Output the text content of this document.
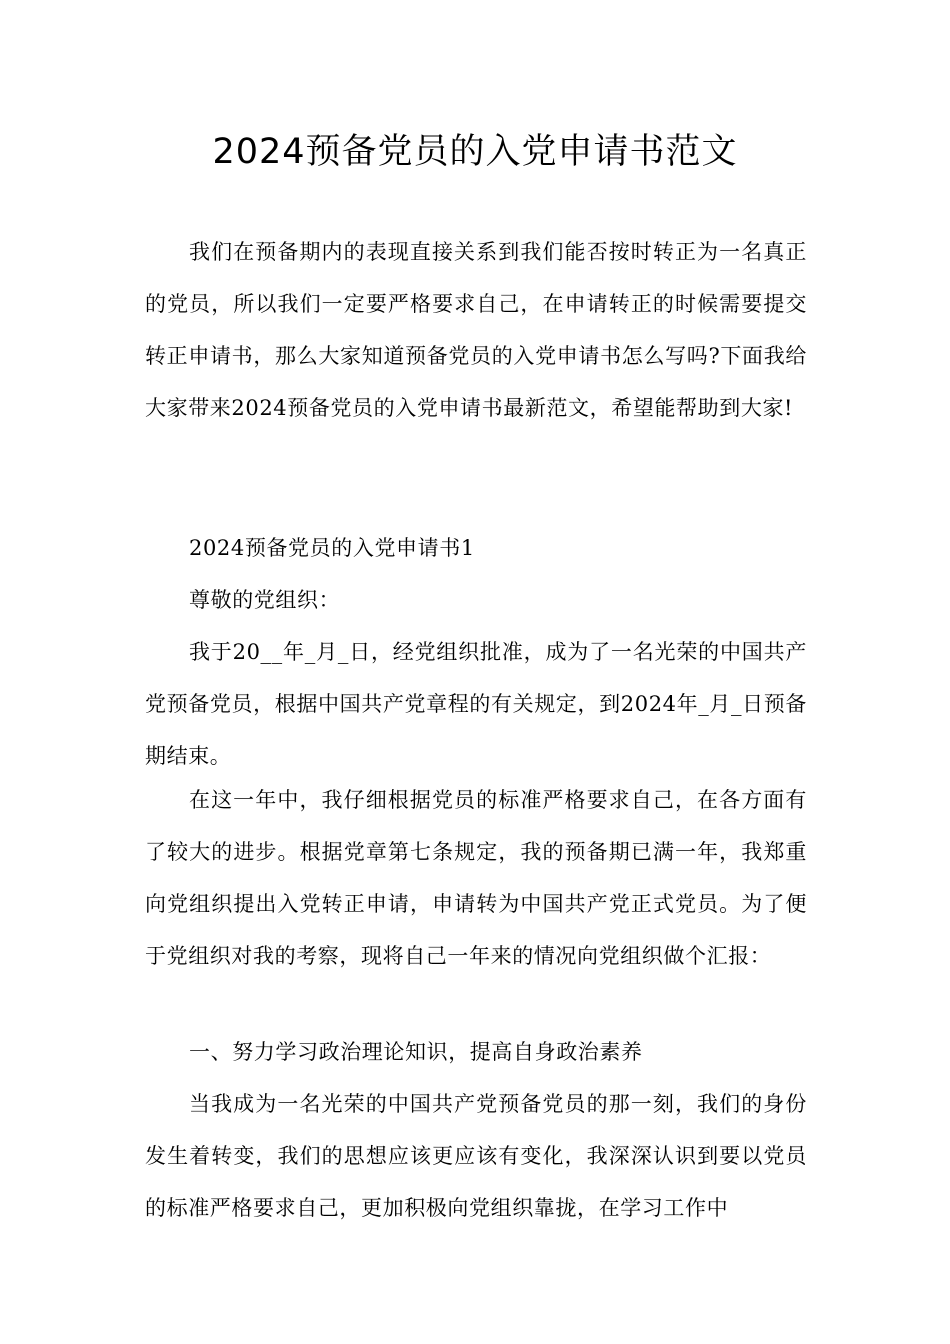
2024预备党员的入党申请书范文

我们在预备期内的表现直接关系到我们能否按时转正为一名真正的党员，所以我们一定要严格要求自己，在申请转正的时候需要提交转正申请书，那么大家知道预备党员的入党申请书怎么写吗?下面我给大家带来2024预备党员的入党申请书最新范文，希望能帮助到大家!

2024预备党员的入党申请书1

尊敬的党组织：

我于20__年_月_日，经党组织批准，成为了一名光荣的中国共产党预备党员，根据中国共产党章程的有关规定，到2024年_月_日预备期结束。

在这一年中，我仔细根据党员的标准严格要求自己，在各方面有了较大的进步。根据党章第七条规定，我的预备期已满一年，我郑重向党组织提出入党转正申请，申请转为中国共产党正式党员。为了便于党组织对我的考察，现将自己一年来的情况向党组织做个汇报：

一、努力学习政治理论知识，提高自身政治素养

当我成为一名光荣的中国共产党预备党员的那一刻，我们的身份发生着转变，我们的思想应该更应该有变化，我深深认识到要以党员的标准严格要求自己，更加积极向党组织靠拢，在学习工作中
